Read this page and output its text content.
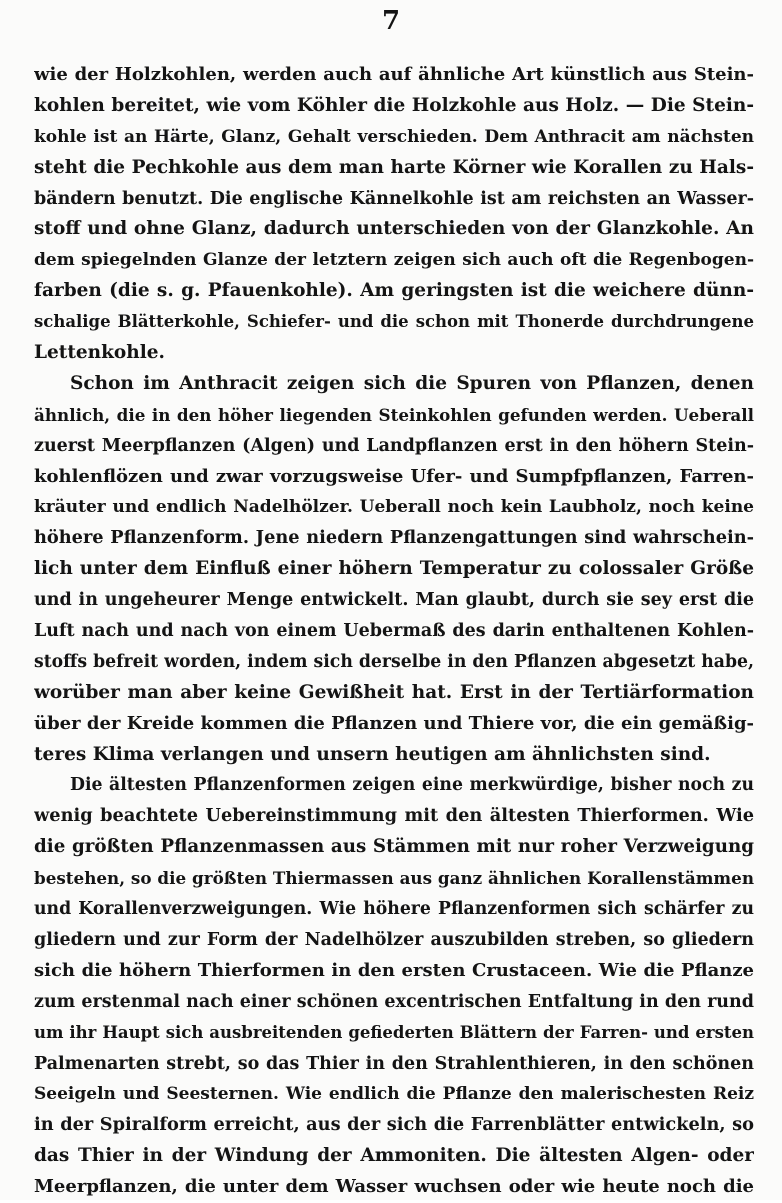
7
wie der Holzkohlen, werden auch auf ähnliche Art künstlich aus Stein-
kohlen bereitet, wie vom Köhler die Holzkohle aus Holz. — Die Stein-
kohle ist an Härte, Glanz, Gehalt verschieden. Dem Anthracit am nächsten
steht die Pechkohle aus dem man harte Körner wie Korallen zu Hals-
bändern benutzt. Die englische Kännelkohle ist am reichsten an Wasser-
stoff und ohne Glanz, dadurch unterschieden von der Glanzkohle. An
dem spiegelnden Glanze der letztern zeigen sich auch oft die Regenbogen-
farben (die s. g. Pfauenkohle). Am geringsten ist die weichere dünn-
schalige Blätterkohle, Schiefer- und die schon mit Thonerde durchdrungene
Lettenkohle.
Schon im Anthracit zeigen sich die Spuren von Pflanzen, denen
ähnlich, die in den höher liegenden Steinkohlen gefunden werden. Ueberall
zuerst Meerpflanzen (Algen) und Landpflanzen erst in den höhern Stein-
kohlenflözen und zwar vorzugsweise Ufer- und Sumpfpflanzen, Farren-
kräuter und endlich Nadelhölzer. Ueberall noch kein Laubholz, noch keine
höhere Pflanzenform. Jene niedern Pflanzengattungen sind wahrschein-
lich unter dem Einfluß einer höhern Temperatur zu colossaler Größe
und in ungeheurer Menge entwickelt. Man glaubt, durch sie sey erst die
Luft nach und nach von einem Uebermaß des darin enthaltenen Kohlen-
stoffs befreit worden, indem sich derselbe in den Pflanzen abgesetzt habe,
worüber man aber keine Gewißheit hat. Erst in der Tertiärformation
über der Kreide kommen die Pflanzen und Thiere vor, die ein gemäßig-
teres Klima verlangen und unsern heutigen am ähnlichsten sind.
Die ältesten Pflanzenformen zeigen eine merkwürdige, bisher noch zu
wenig beachtete Uebereinstimmung mit den ältesten Thierformen. Wie
die größten Pflanzenmassen aus Stämmen mit nur roher Verzweigung
bestehen, so die größten Thiermassen aus ganz ähnlichen Korallenstämmen
und Korallenverzweigungen. Wie höhere Pflanzenformen sich schärfer zu
gliedern und zur Form der Nadelhölzer auszubilden streben, so gliedern
sich die höhern Thierformen in den ersten Crustaceen. Wie die Pflanze
zum erstenmal nach einer schönen excentrischen Entfaltung in den rund
um ihr Haupt sich ausbreitenden gefiederten Blättern der Farren- und ersten
Palmenarten strebt, so das Thier in den Strahlenthieren, in den schönen
Seeigeln und Seesternen. Wie endlich die Pflanze den malerischesten Reiz
in der Spiralform erreicht, aus der sich die Farrenblätter entwickeln, so
das Thier in der Windung der Ammoniten. Die ältesten Algen- oder
Meerpflanzen, die unter dem Wasser wuchsen oder wie heute noch die
